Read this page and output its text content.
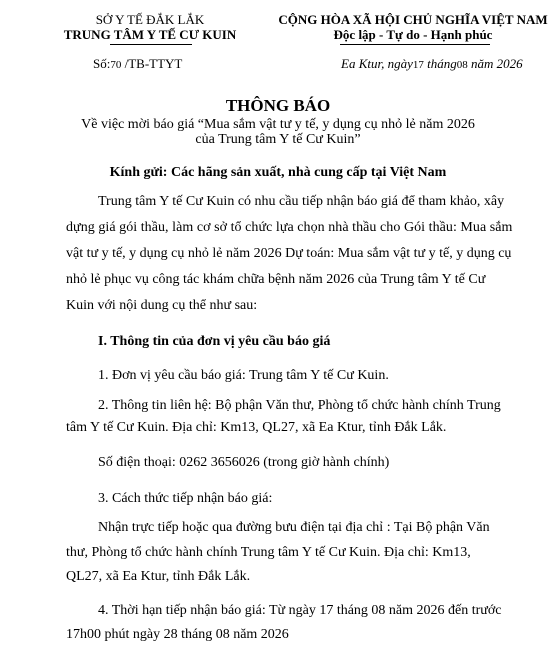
SỞ Y TẾ ĐẮK LẮK
TRUNG TÂM Y TẾ CƯ KUIN
CỘNG HÒA XÃ HỘI CHỦ NGHĨA VIỆT NAM
Độc lập - Tự do - Hạnh phúc
Số:70 /TB-TTYT	Ea Ktur, ngày17 tháng08 năm 2026
THÔNG BÁO
Về việc mời báo giá “Mua sắm vật tư y tế, y dụng cụ nhỏ lẻ năm 2026
của Trung tâm Y tế Cư Kuin”
Kính gửi: Các hãng sản xuất, nhà cung cấp tại Việt Nam
Trung tâm Y tế Cư Kuin có nhu cầu tiếp nhận báo giá để tham khảo, xây
dựng giá gói thầu, làm cơ sở tổ chức lựa chọn nhà thầu cho Gói thầu: Mua sắm
vật tư y tế, y dụng cụ nhỏ lẻ năm 2026 Dự toán: Mua sắm vật tư y tế, y dụng cụ
nhỏ lẻ phục vụ công tác khám chữa bệnh năm 2026 của Trung tâm Y tế Cư
Kuin với nội dung cụ thể như sau:
I. Thông tin của đơn vị yêu cầu báo giá
1. Đơn vị yêu cầu báo giá: Trung tâm Y tế Cư Kuin.
2. Thông tin liên hệ: Bộ phận Văn thư, Phòng tổ chức hành chính Trung
tâm Y tế Cư Kuin. Địa chỉ: Km13, QL27, xã Ea Ktur, tỉnh Đắk Lắk.
Số điện thoại: 0262 3656026 (trong giờ hành chính)
3. Cách thức tiếp nhận báo giá:
Nhận trực tiếp hoặc qua đường bưu điện tại địa chỉ : Tại Bộ phận Văn
thư, Phòng tổ chức hành chính Trung tâm Y tế Cư Kuin. Địa chỉ: Km13,
QL27, xã Ea Ktur, tỉnh Đắk Lắk.
4. Thời hạn tiếp nhận báo giá: Từ ngày 17 tháng 08 năm 2026 đến trước
17h00 phút ngày 28 tháng 08 năm 2026
